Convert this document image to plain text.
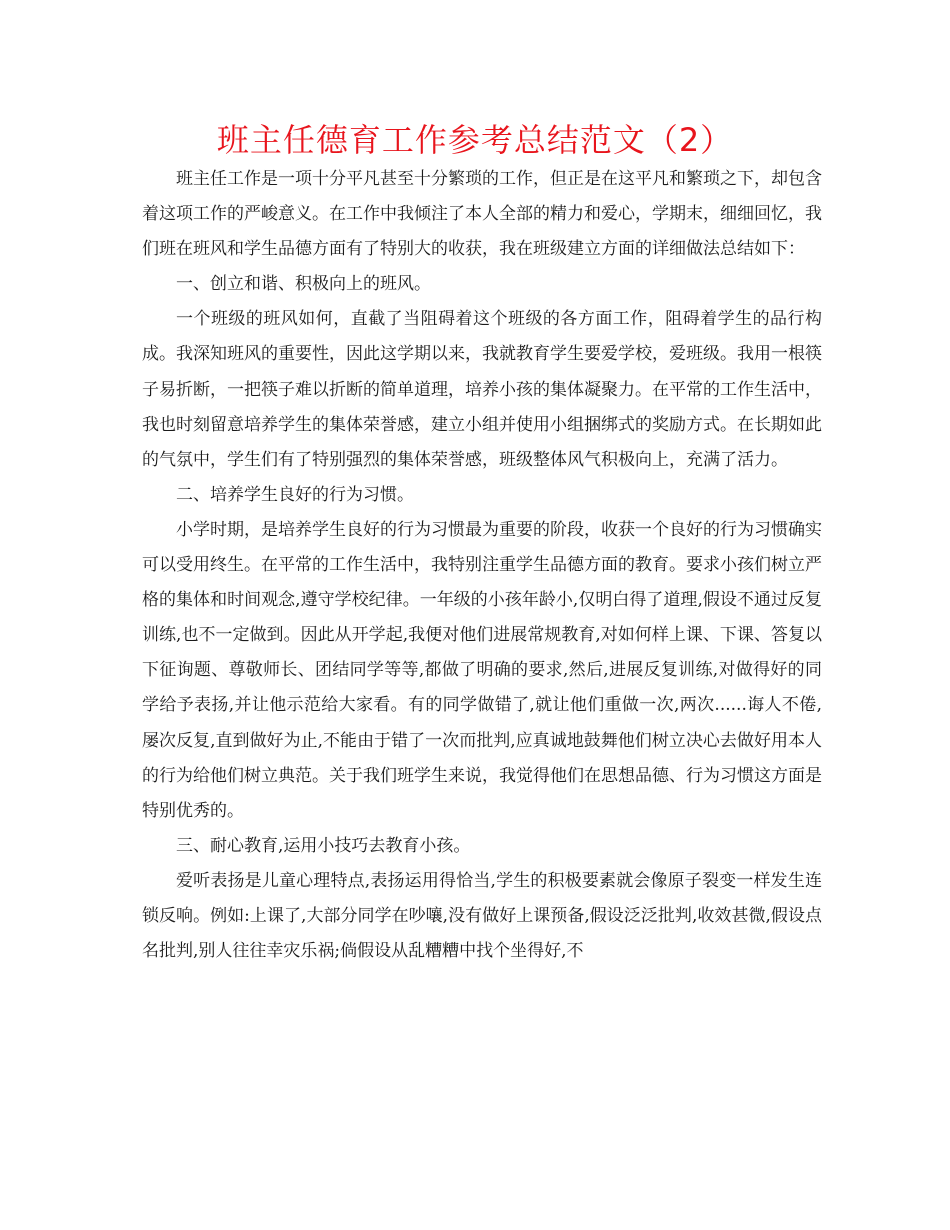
班主任德育工作参考总结范文（2）

班主任工作是一项十分平凡甚至十分繁琐的工作，但正是在这平凡和繁琐之下，却包含着这项工作的严峻意义。在工作中我倾注了本人全部的精力和爱心，学期末，细细回忆，我们班在班风和学生品德方面有了特别大的收获，我在班级建立方面的详细做法总结如下：

一、创立和谐、积极向上的班风。

一个班级的班风如何，直截了当阻碍着这个班级的各方面工作，阻碍着学生的品行构成。我深知班风的重要性，因此这学期以来，我就教育学生要爱学校，爱班级。我用一根筷子易折断，一把筷子难以折断的简单道理，培养小孩的集体凝聚力。在平常的工作生活中，我也时刻留意培养学生的集体荣誉感，建立小组并使用小组捆绑式的奖励方式。在长期如此的气氛中，学生们有了特别强烈的集体荣誉感，班级整体风气积极向上，充满了活力。

二、培养学生良好的行为习惯。

小学时期，是培养学生良好的行为习惯最为重要的阶段，收获一个良好的行为习惯确实可以受用终生。在平常的工作生活中，我特别注重学生品德方面的教育。要求小孩们树立严格的集体和时间观念,遵守学校纪律。一年级的小孩年龄小,仅明白得了道理,假设不通过反复训练,也不一定做到。因此从开学起,我便对他们进展常规教育,对如何样上课、下课、答复以下征询题、尊敬师长、团结同学等等,都做了明确的要求,然后,进展反复训练,对做得好的同学给予表扬,并让他示范给大家看。有的同学做错了,就让他们重做一次,两次......诲人不倦,屡次反复,直到做好为止,不能由于错了一次而批判,应真诚地鼓舞他们树立决心去做好用本人的行为给他们树立典范。关于我们班学生来说，我觉得他们在思想品德、行为习惯这方面是特别优秀的。

三、耐心教育,运用小技巧去教育小孩。

爱听表扬是儿童心理特点,表扬运用得恰当,学生的积极要素就会像原子裂变一样发生连锁反响。例如:上课了,大部分同学在吵嚷,没有做好上课预备,假设泛泛批判,收效甚微,假设点名批判,别人往往幸灾乐祸;倘假设从乱糟糟中找个坐得好,不
